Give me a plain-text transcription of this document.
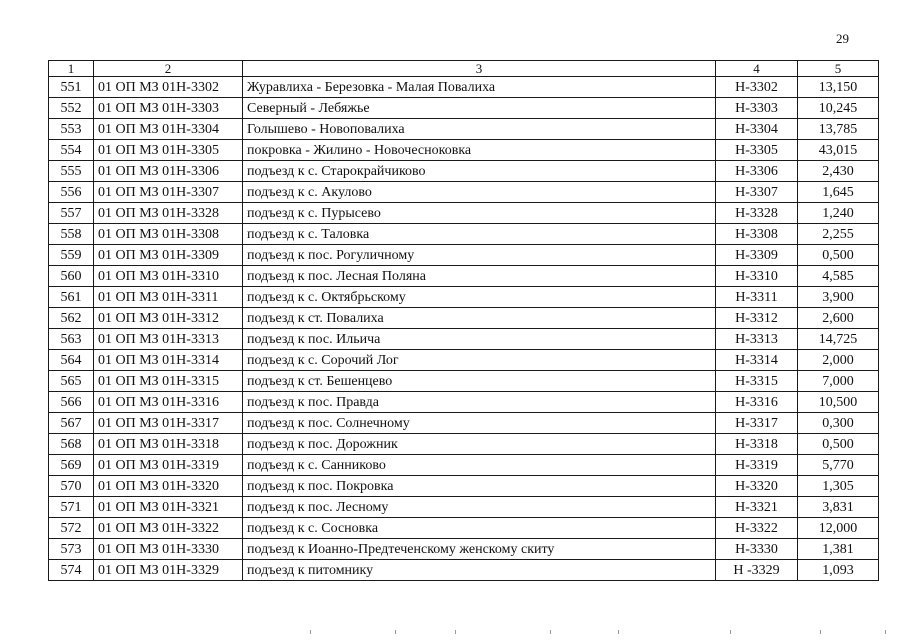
29
1	2	3	4	5
551	01 ОП МЗ 01Н-3302	Журавлиха - Березовка - Малая Повалиха	Н-3302	13,150
552	01 ОП МЗ 01Н-3303	Северный - Лебяжье	Н-3303	10,245
553	01 ОП МЗ 01Н-3304	Голышево - Новоповалиха	Н-3304	13,785
554	01 ОП МЗ 01Н-3305	покровка - Жилино - Новочесноковка	Н-3305	43,015
555	01 ОП МЗ 01Н-3306	подъезд к с. Старокрайчиково	Н-3306	2,430
556	01 ОП МЗ 01Н-3307	подъезд к с. Акулово	Н-3307	1,645
557	01 ОП МЗ 01Н-3328	подъезд к с. Пурысево	Н-3328	1,240
558	01 ОП МЗ 01Н-3308	подъезд к с. Таловка	Н-3308	2,255
559	01 ОП МЗ 01Н-3309	подъезд к пос. Рогуличному	Н-3309	0,500
560	01 ОП МЗ 01Н-3310	подъезд к пос. Лесная Поляна	Н-3310	4,585
561	01 ОП МЗ 01Н-3311	подъезд к с. Октябрьскому	Н-3311	3,900
562	01 ОП МЗ 01Н-3312	подъезд к ст. Повалиха	Н-3312	2,600
563	01 ОП МЗ 01Н-3313	подъезд к пос. Ильича	Н-3313	14,725
564	01 ОП МЗ 01Н-3314	подъезд к с. Сорочий Лог	Н-3314	2,000
565	01 ОП МЗ 01Н-3315	подъезд к ст. Бешенцево	Н-3315	7,000
566	01 ОП МЗ 01Н-3316	подъезд к пос. Правда	Н-3316	10,500
567	01 ОП МЗ 01Н-3317	подъезд к пос. Солнечному	Н-3317	0,300
568	01 ОП МЗ 01Н-3318	подъезд к пос. Дорожник	Н-3318	0,500
569	01 ОП МЗ 01Н-3319	подъезд к с. Санниково	Н-3319	5,770
570	01 ОП МЗ 01Н-3320	подъезд к пос. Покровка	Н-3320	1,305
571	01 ОП МЗ 01Н-3321	подъезд к пос. Лесному	Н-3321	3,831
572	01 ОП МЗ 01Н-3322	подъезд к с. Сосновка	Н-3322	12,000
573	01 ОП МЗ 01Н-3330	подъезд к Иоанно-Предтеченскому женскому скиту	Н-3330	1,381
574	01 ОП МЗ 01Н-3329	подъезд к питомнику	Н -3329	1,093
